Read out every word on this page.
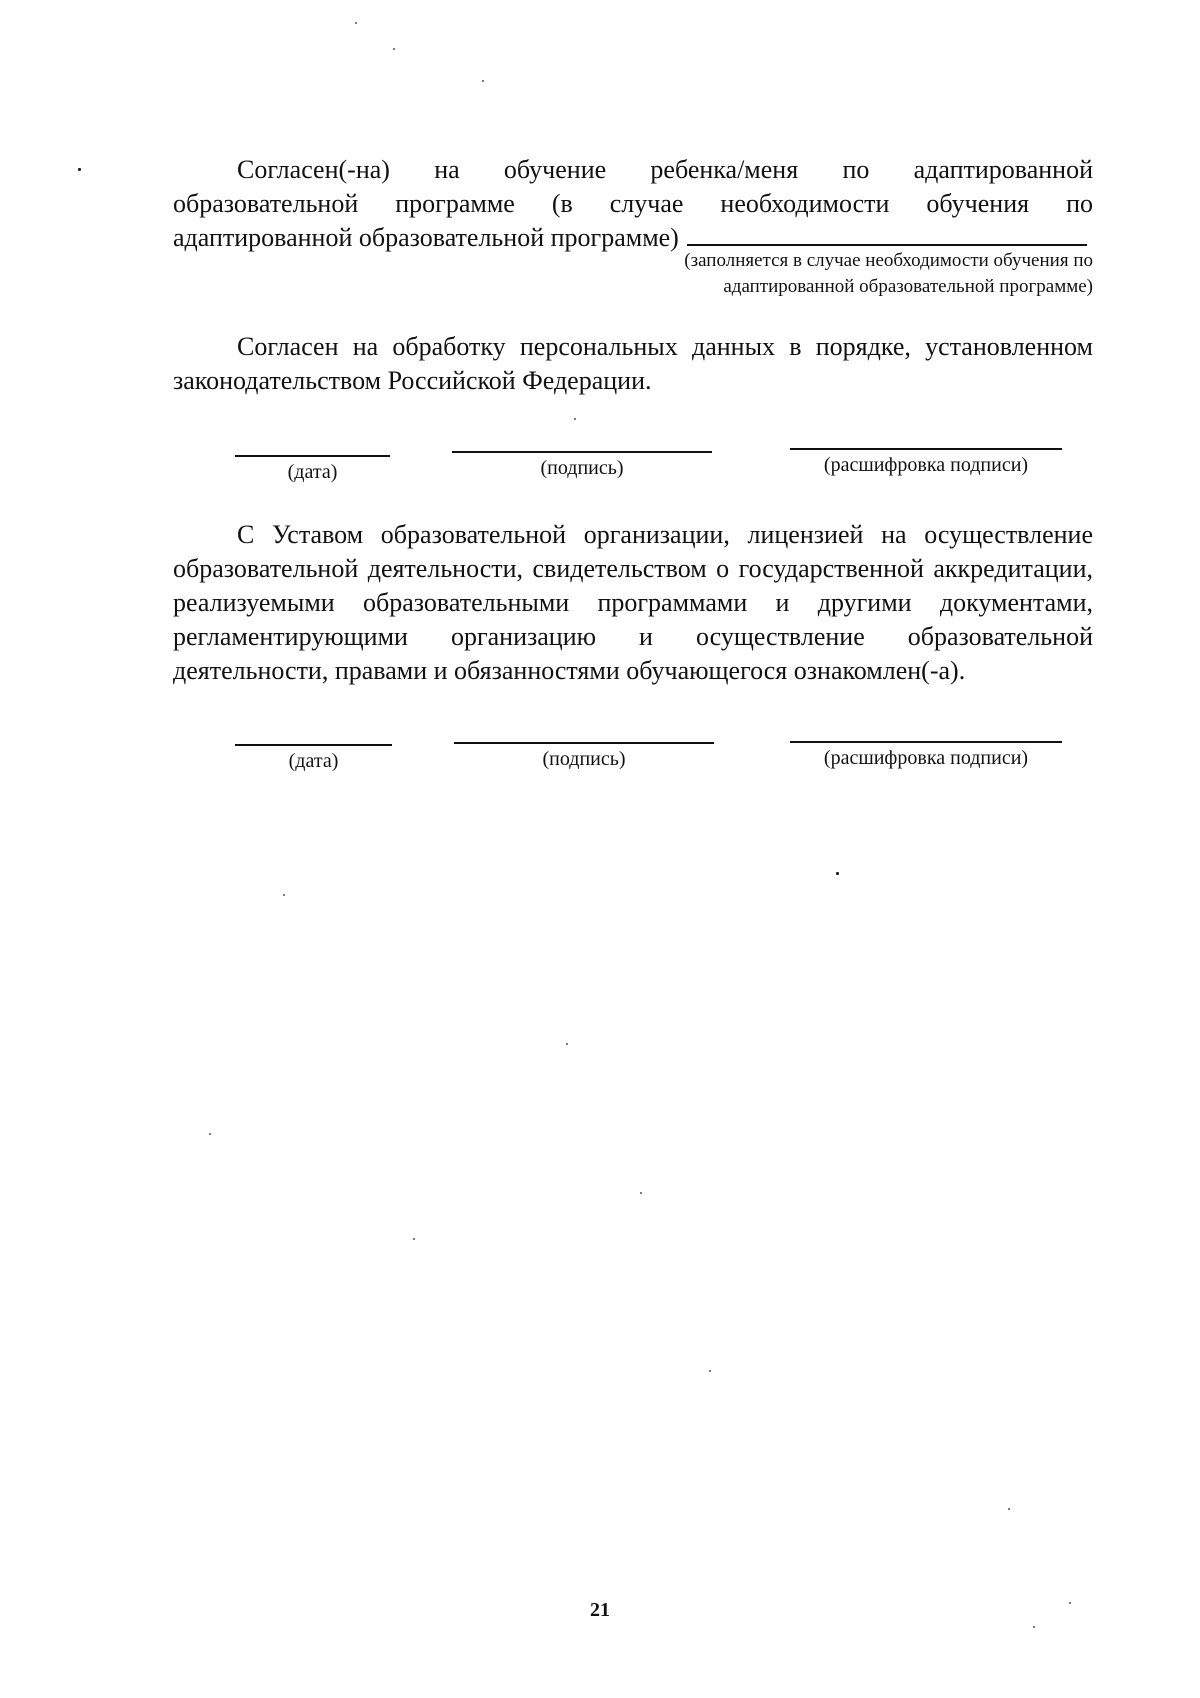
Согласен(-на) на обучение ребенка/меня по адаптированной
образовательной программе (в случае необходимости обучения по
адаптированной образовательной программе)
(заполняется в случае необходимости обучения по
адаптированной образовательной программе)
Согласен на обработку персональных данных в порядке, установленном
законодательством Российской Федерации.
(дата)	(подпись)	(расшифровка подписи)
С Уставом образовательной организации, лицензией на осуществление
образовательной деятельности, свидетельством о государственной аккредитации,
реализуемыми образовательными программами и другими документами,
регламентирующими организацию и осуществление образовательной
деятельности, правами и обязанностями обучающегося ознакомлен(-а).
(дата)	(подпись)	(расшифровка подписи)
21
